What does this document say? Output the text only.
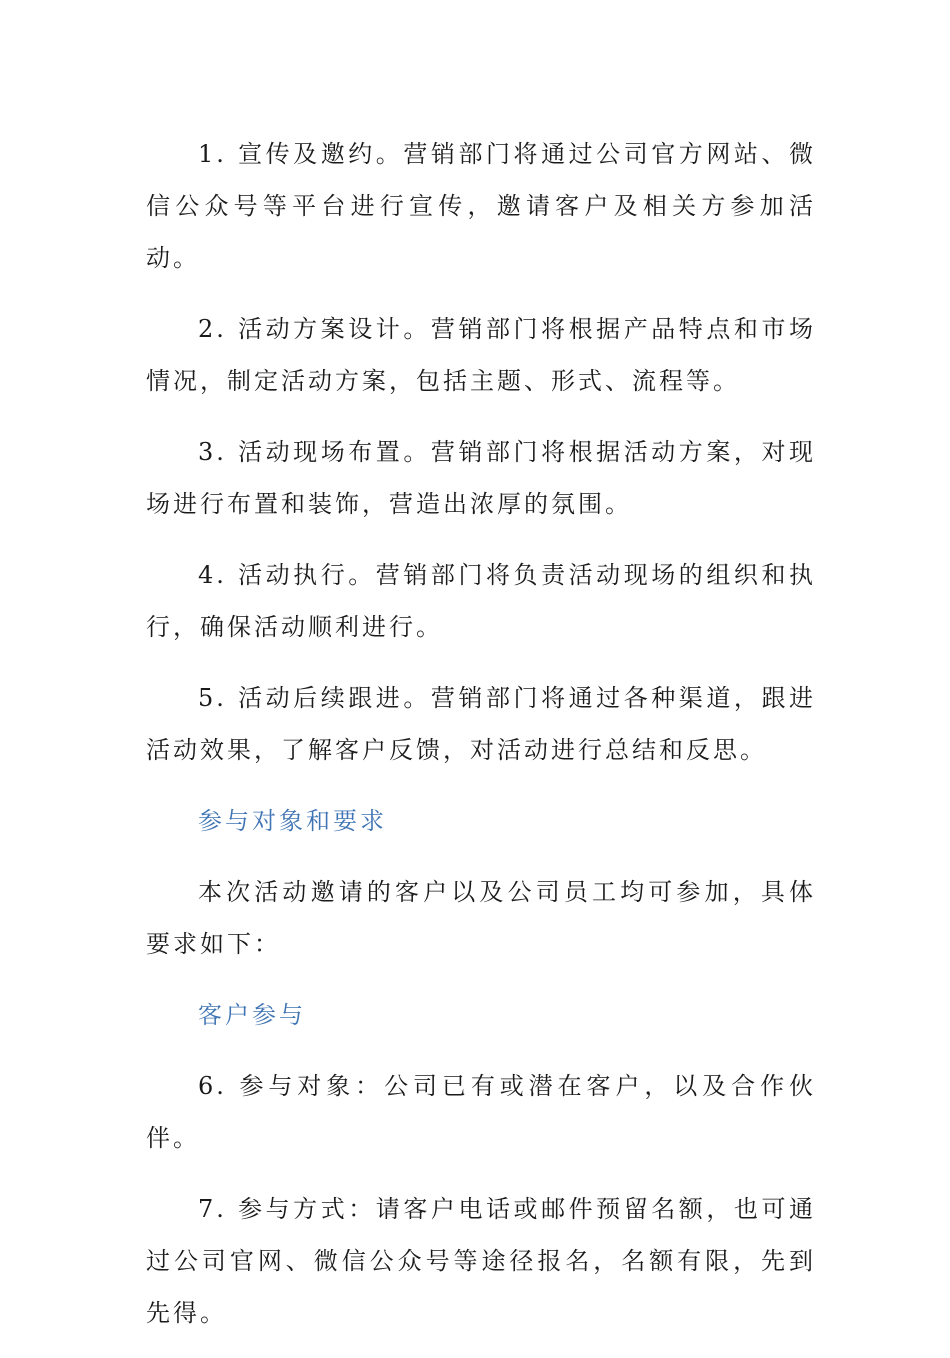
1. 宣传及邀约。营销部门将通过公司官方网站、微信公众号等平台进行宣传，邀请客户及相关方参加活动。

2. 活动方案设计。营销部门将根据产品特点和市场情况，制定活动方案，包括主题、形式、流程等。

3. 活动现场布置。营销部门将根据活动方案，对现场进行布置和装饰，营造出浓厚的氛围。

4. 活动执行。营销部门将负责活动现场的组织和执行，确保活动顺利进行。

5. 活动后续跟进。营销部门将通过各种渠道，跟进活动效果，了解客户反馈，对活动进行总结和反思。

参与对象和要求

本次活动邀请的客户以及公司员工均可参加，具体要求如下：

客户参与

6. 参与对象：公司已有或潜在客户，以及合作伙伴。

7. 参与方式：请客户电话或邮件预留名额，也可通过公司官网、微信公众号等途径报名，名额有限，先到先得。
